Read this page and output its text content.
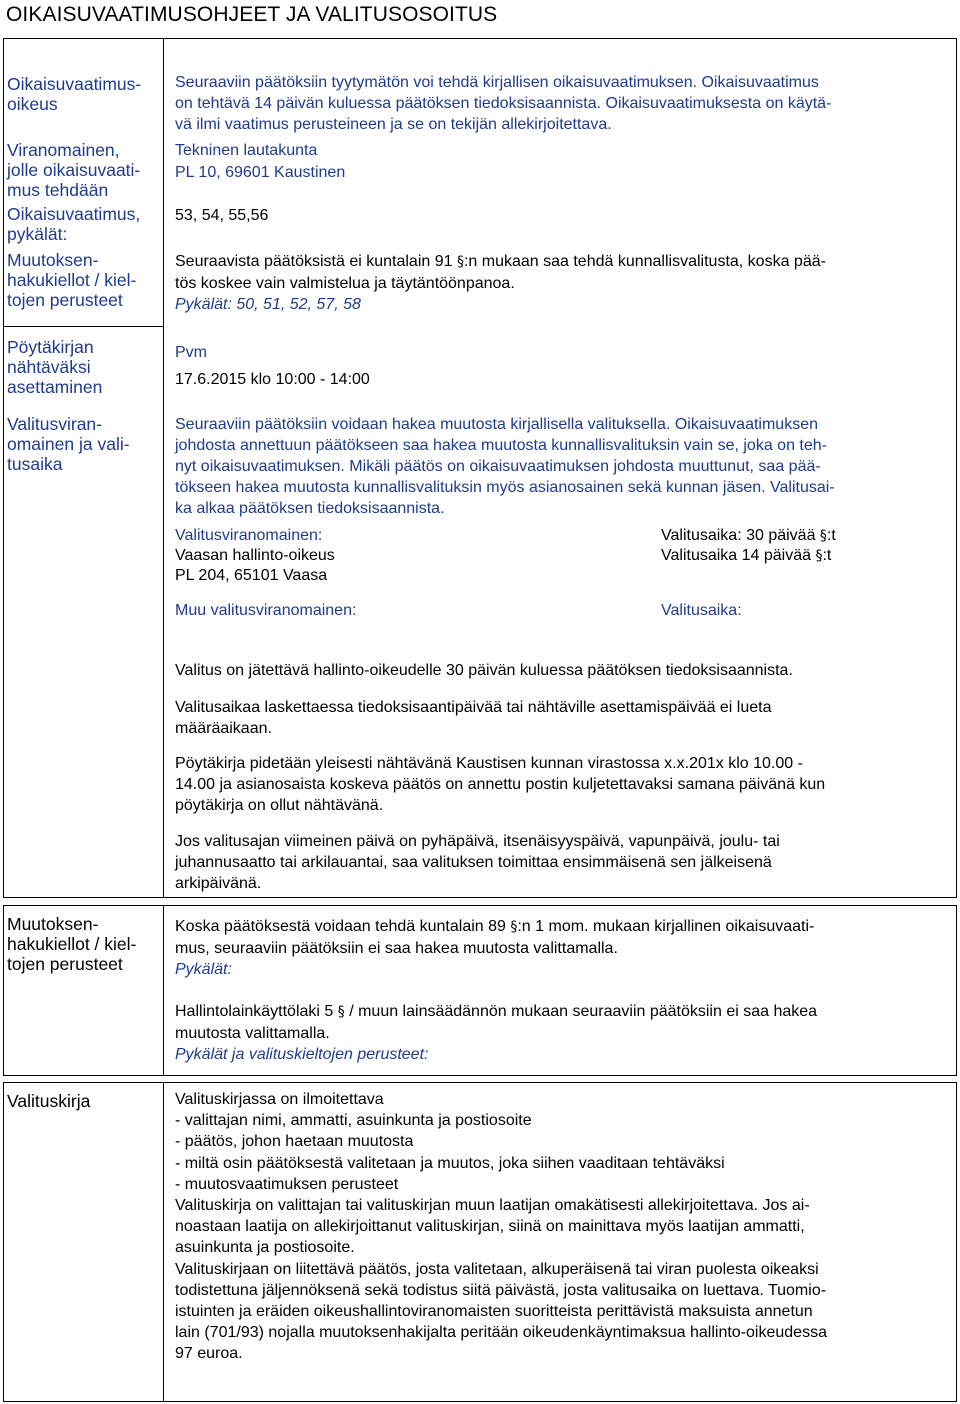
OIKAISUVAATIMUSOHJEET JA VALITUSOSOITUS
Oikaisuvaatimus-
oikeus
Viranomainen,
jolle oikaisuvaati-
mus tehdään
Oikaisuvaatimus,
pykälät:
Muutoksen-
hakukiellot / kiel-
tojen perusteet
Pöytäkirjan
nähtäväksi
asettaminen
Valitusviran-
omainen ja vali-
tusaika
Seuraaviin päätöksiin tyytymätön voi tehdä kirjallisen oikaisuvaatimuksen. Oikaisuvaatimus
on tehtävä 14 päivän kuluessa päätöksen tiedoksisaannista. Oikaisuvaatimuksesta on käytä-
vä ilmi vaatimus perusteineen ja se on tekijän allekirjoitettava.
Tekninen lautakunta
PL 10, 69601 Kaustinen
53, 54, 55,56
Seuraavista päätöksistä ei kuntalain 91 §:n mukaan saa tehdä kunnallisvalitusta, koska pää-
tös koskee vain valmistelua ja täytäntöönpanoa.
Pykälät: 50, 51, 52, 57, 58
Pvm
17.6.2015 klo 10:00 - 14:00
Seuraaviin päätöksiin voidaan hakea muutosta kirjallisella valituksella. Oikaisuvaatimuksen
johdosta annettuun päätökseen saa hakea muutosta kunnallisvalituksin vain se, joka on teh-
nyt oikaisuvaatimuksen. Mikäli päätös on oikaisuvaatimuksen johdosta muuttunut, saa pää-
tökseen hakea muutosta kunnallisvalituksin myös asianosainen sekä kunnan jäsen. Valitusai-
ka alkaa päätöksen tiedoksisaannista.
Valitusviranomainen:
Vaasan hallinto-oikeus
PL 204, 65101 Vaasa
Valitusaika: 30 päivää §:t
Valitusaika 14 päivää §:t
Muu valitusviranomainen:	Valitusaika:
Valitus on jätettävä hallinto-oikeudelle 30 päivän kuluessa päätöksen tiedoksisaannista.
Valitusaikaa laskettaessa tiedoksisaantipäivää tai nähtäville asettamispäivää ei lueta
määräaikaan.
Pöytäkirja pidetään yleisesti nähtävänä Kaustisen kunnan virastossa x.x.201x klo 10.00 -
14.00 ja asianosaista koskeva päätös on annettu postin kuljetettavaksi samana päivänä kun
pöytäkirja on ollut nähtävänä.
Jos valitusajan viimeinen päivä on pyhäpäivä, itsenäisyyspäivä, vapunpäivä, joulu- tai
juhannusaatto tai arkilauantai, saa valituksen toimittaa ensimmäisenä sen jälkeisenä
arkipäivänä.
Muutoksen-
hakukiellot / kiel-
tojen perusteet
Koska päätöksestä voidaan tehdä kuntalain 89 §:n 1 mom. mukaan kirjallinen oikaisuvaati-
mus, seuraaviin päätöksiin ei saa hakea muutosta valittamalla.
Pykälät:
Hallintolainkäyttölaki 5 § / muun lainsäädännön mukaan seuraaviin päätöksiin ei saa hakea
muutosta valittamalla.
Pykälät ja valituskieltojen perusteet:
Valituskirja	Valituskirjassa on ilmoitettava
- valittajan nimi, ammatti, asuinkunta ja postiosoite
- päätös, johon haetaan muutosta
- miltä osin päätöksestä valitetaan ja muutos, joka siihen vaaditaan tehtäväksi
- muutosvaatimuksen perusteet
Valituskirja on valittajan tai valituskirjan muun laatijan omakätisesti allekirjoitettava. Jos ai-
noastaan laatija on allekirjoittanut valituskirjan, siinä on mainittava myös laatijan ammatti,
asuinkunta ja postiosoite.
Valituskirjaan on liitettävä päätös, josta valitetaan, alkuperäisenä tai viran puolesta oikeaksi
todistettuna jäljennöksenä sekä todistus siitä päivästä, josta valitusaika on luettava. Tuomio-
istuinten ja eräiden oikeushallintoviranomaisten suoritteista perittävistä maksuista annetun
lain (701/93) nojalla muutoksenhakijalta peritään oikeudenkäyntimaksua hallinto-oikeudessa
97 euroa.
